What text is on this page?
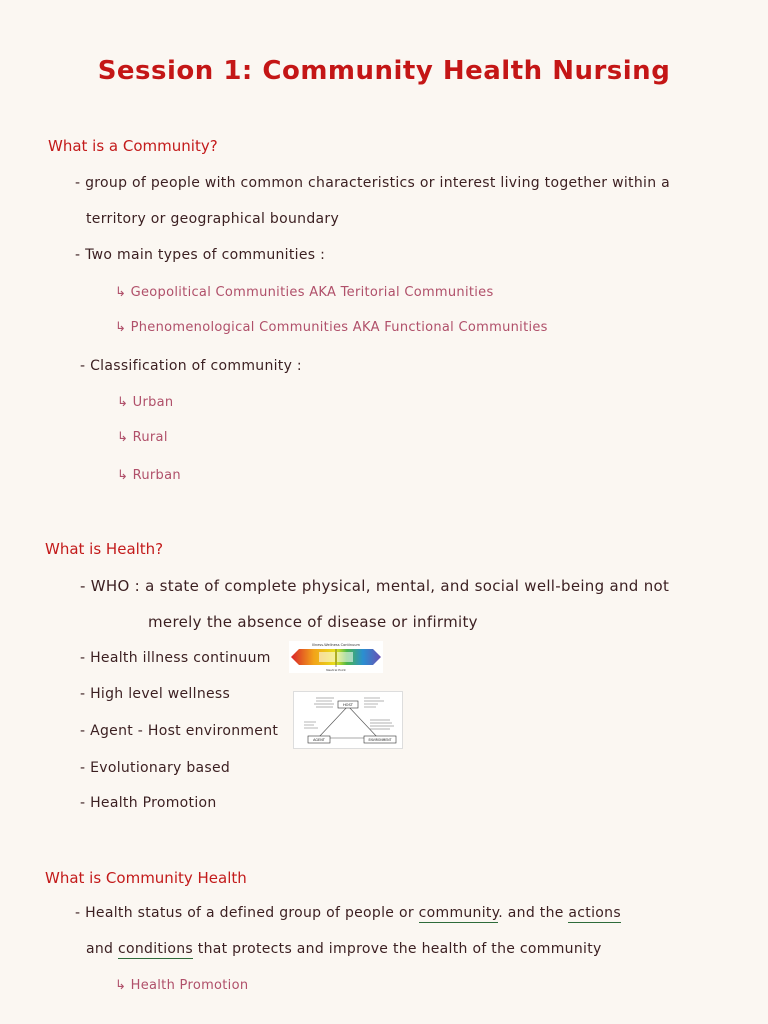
Session 1: Community Health Nursing
What is a Community?
- group of people with common characteristics or interest living together within a
territory or geographical boundary
- Two main types of communities :
↳ Geopolitical Communities AKA Teritorial Communities
↳ Phenomenological Communities AKA Functional Communities
- Classification of community :
↳ Urban
↳ Rural
↳ Rurban
What is Health?
- WHO : a state of complete physical, mental, and social well-being and not
merely the absence of disease or infirmity
- Health illness continuum
- High level wellness
- Agent - Host environment
- Evolutionary based
- Health Promotion
Illness-Wellness Continuum
Neutral Point
HOST
AGENT	ENVIRONMENT
What is Community Health
- Health status of a defined group of people or community. and the actions
and conditions that protects and improve the health of the community
↳ Health Promotion
